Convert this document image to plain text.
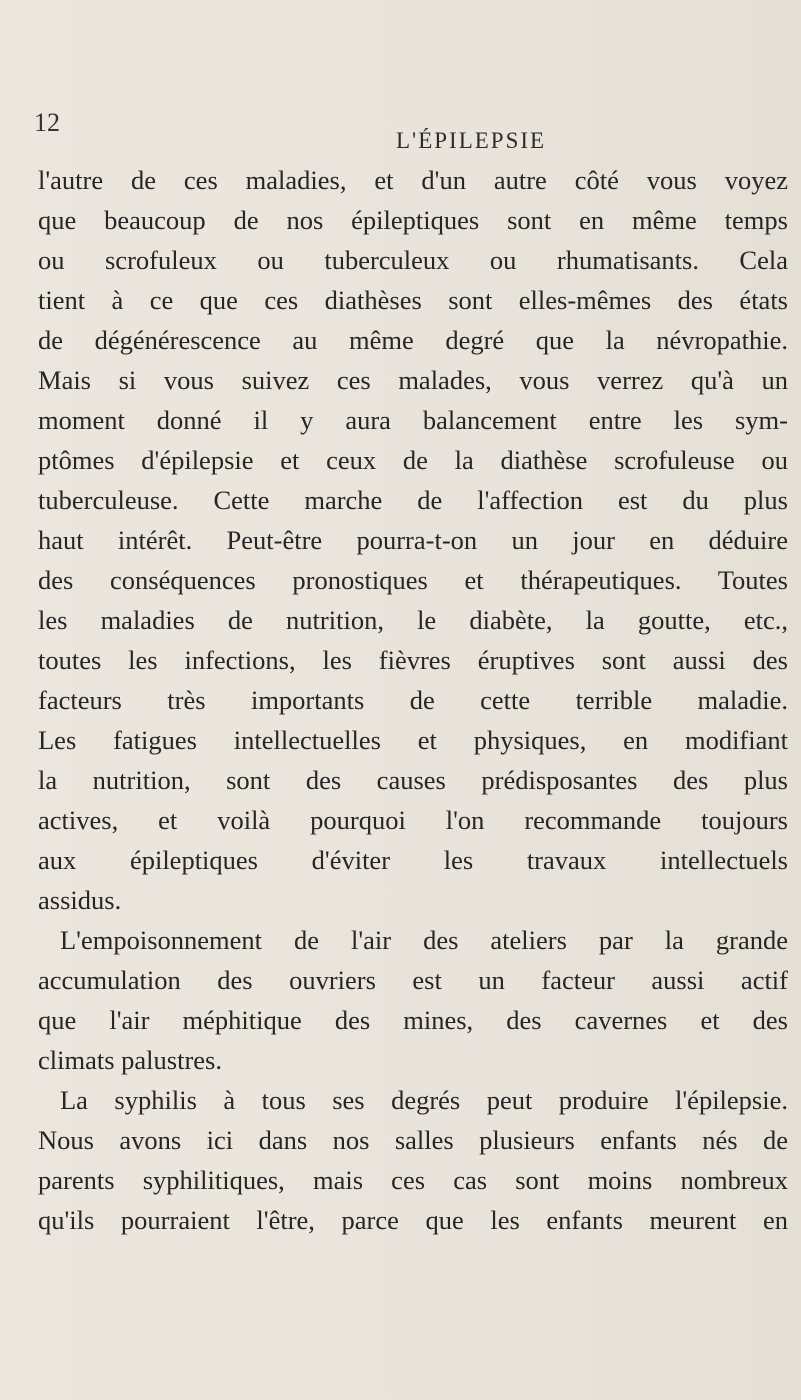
12
L'ÉPILEPSIE
l'autre de ces maladies, et d'un autre côté vous voyez
que beaucoup de nos épileptiques sont en même temps
ou scrofuleux ou tuberculeux ou rhumatisants. Cela
tient à ce que ces diathèses sont elles-mêmes des états
de dégénérescence au même degré que la névropathie.
Mais si vous suivez ces malades, vous verrez qu'à un
moment donné il y aura balancement entre les sym-
ptômes d'épilepsie et ceux de la diathèse scrofuleuse ou
tuberculeuse. Cette marche de l'affection est du plus
haut intérêt. Peut-être pourra-t-on un jour en déduire
des conséquences pronostiques et thérapeutiques. Toutes
les maladies de nutrition, le diabète, la goutte, etc.,
toutes les infections, les fièvres éruptives sont aussi des
facteurs très importants de cette terrible maladie.
Les fatigues intellectuelles et physiques, en modifiant
la nutrition, sont des causes prédisposantes des plus
actives, et voilà pourquoi l'on recommande toujours
aux épileptiques d'éviter les travaux intellectuels
assidus.
L'empoisonnement de l'air des ateliers par la grande
accumulation des ouvriers est un facteur aussi actif
que l'air méphitique des mines, des cavernes et des
climats palustres.
La syphilis à tous ses degrés peut produire l'épilepsie.
Nous avons ici dans nos salles plusieurs enfants nés de
parents syphilitiques, mais ces cas sont moins nombreux
qu'ils pourraient l'être, parce que les enfants meurent en
